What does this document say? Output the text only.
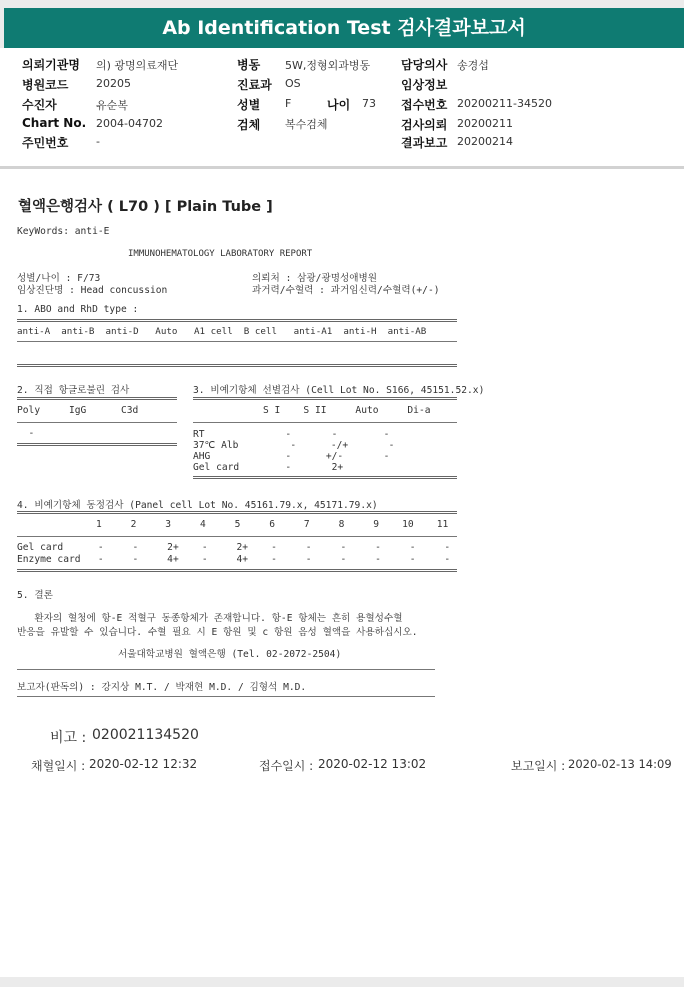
Ab Identification Test 검사결과보고서
의뢰기관명 의) 광명의료재단	병동 5W,정형외과병동	담당의사 송경섭
병원코드	20205	진료과 OS	임상정보
수진자	유순복	성별 F	나이 73 접수번호 20200211-34520
Chart No. 2004-04702	검체 복수검체	검사의뢰 20200211
주민번호	-	결과보고 20200214
혈액은행검사 ( L70 ) [ Plain Tube ]
KeyWords: anti-E
IMMUNOHEMATOLOGY LABORATORY REPORT
성별/나이 : F/73	의뢰처 : 삼광/광명성애병원
임상진단명 : Head concussion	과거력/수혈력 : 과거임신력/수혈력(+/-)
1. ABO and RhD type :
anti-A  anti-B  anti-D   Auto   A1 cell  B cell   anti-A1  anti-H  anti-AB
2. 직접 항글로불린 검사
Poly     IgG      C3d
-
3. 비예기항체 선별검사 (Cell Lot No. S166, 45151.52.x)
S I    S II     Auto     Di-a
RT              -       -        -
37℃ Alb         -      -/+       -
AHG             -      +/-       -
Gel card        -       2+
4. 비예기항체 동정검사 (Panel cell Lot No. 45161.79.x, 45171.79.x)
1     2     3     4     5     6     7     8     9    10    11
Gel card      -     -     2+    -     2+    -     -     -     -     -     -
Enzyme card   -     -     4+    -     4+    -     -     -     -     -     -
5. 결론
환자의 혈청에 항-E 적혈구 동종항체가 존재합니다. 항-E 항체는 흔히 용혈성수혈
반응을 유발할 수 있습니다. 수혈 필요 시 E 항원 및 c 항원 음성 혈액을 사용하십시오.
서울대학교병원 혈액은행 (Tel. 02-2072-2504)
보고자(판독의) : 강지상 M.T. / 박재현 M.D. / 김형석 M.D.
비고 : 020021134520
채혈일시 : 2020-02-12 12:32	접수일시 : 2020-02-12 13:02	보고일시 : 2020-02-13 14:09
